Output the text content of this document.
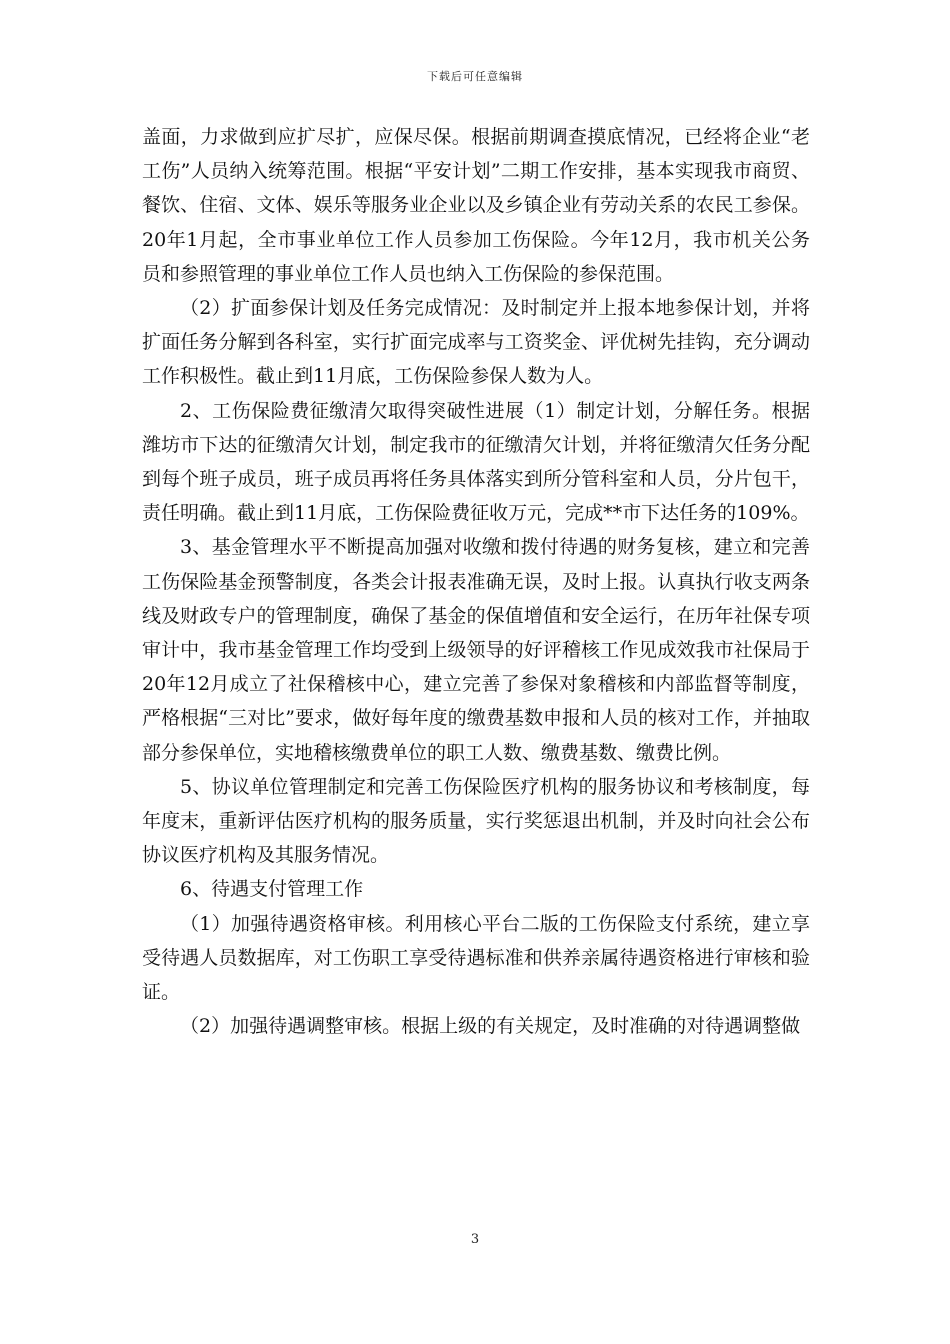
下载后可任意编辑

盖面，力求做到应扩尽扩，应保尽保。根据前期调查摸底情况，已经将企业“老工伤”人员纳入统筹范围。根据“平安计划”二期工作安排，基本实现我市商贸、餐饮、住宿、文体、娱乐等服务业企业以及乡镇企业有劳动关系的农民工参保。20年1月起，全市事业单位工作人员参加工伤保险。今年12月，我市机关公务员和参照管理的事业单位工作人员也纳入工伤保险的参保范围。

（2）扩面参保计划及任务完成情况：及时制定并上报本地参保计划，并将扩面任务分解到各科室，实行扩面完成率与工资奖金、评优树先挂钩，充分调动工作积极性。截止到11月底，工伤保险参保人数为人。

2、工伤保险费征缴清欠取得突破性进展（1）制定计划，分解任务。根据潍坊市下达的征缴清欠计划，制定我市的征缴清欠计划，并将征缴清欠任务分配到每个班子成员，班子成员再将任务具体落实到所分管科室和人员，分片包干，责任明确。截止到11月底，工伤保险费征收万元，完成**市下达任务的109%。

3、基金管理水平不断提高加强对收缴和拨付待遇的财务复核，建立和完善工伤保险基金预警制度，各类会计报表准确无误，及时上报。认真执行收支两条线及财政专户的管理制度，确保了基金的保值增值和安全运行，在历年社保专项审计中，我市基金管理工作均受到上级领导的好评稽核工作见成效我市社保局于20年12月成立了社保稽核中心，建立完善了参保对象稽核和内部监督等制度，严格根据“三对比”要求，做好每年度的缴费基数申报和人员的核对工作，并抽取部分参保单位，实地稽核缴费单位的职工人数、缴费基数、缴费比例。

5、协议单位管理制定和完善工伤保险医疗机构的服务协议和考核制度，每年度末，重新评估医疗机构的服务质量，实行奖惩退出机制，并及时向社会公布协议医疗机构及其服务情况。

6、待遇支付管理工作

（1）加强待遇资格审核。利用核心平台二版的工伤保险支付系统，建立享受待遇人员数据库，对工伤职工享受待遇标准和供养亲属待遇资格进行审核和验证。

（2）加强待遇调整审核。根据上级的有关规定，及时准确的对待遇调整做

3
